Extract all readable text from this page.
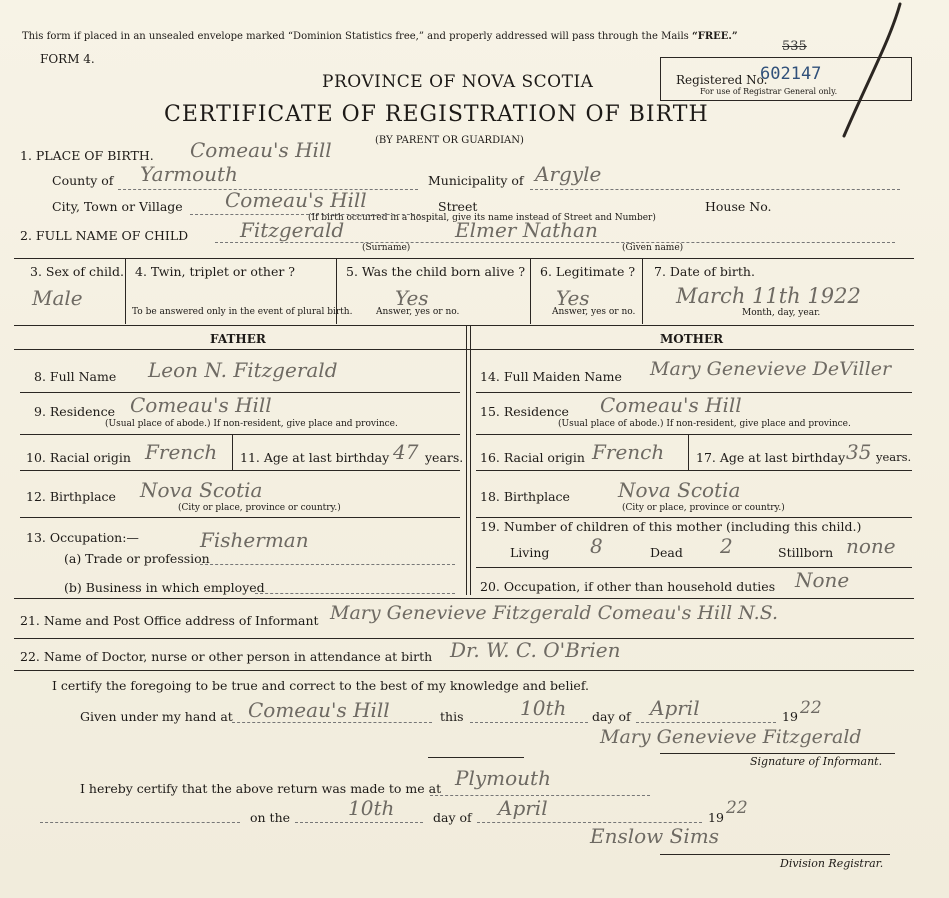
This form if placed in an unsealed envelope marked “Dominion Statistics free,” and properly addressed will pass through the Mails “FREE.”
FORM 4.
PROVINCE OF NOVA SCOTIA
CERTIFICATE OF REGISTRATION OF BIRTH
(BY PARENT OR GUARDIAN)
Registered No.
535
602147
For use of Registrar General only.
1. PLACE OF BIRTH. Comeau's Hill
County of Yarmouth	Municipality of Argyle
City, Town or Village Comeau's Hill	Street	House No.
(If birth occurred in a hospital, give its name instead of Street and Number)
2. FULL NAME OF CHILD	Fitzgerald	Elmer Nathan
(Surname)	(Given name)
3. Sex of child.
Male
4. Twin, triplet or other ?
To be answered only in the event of plural birth.
5. Was the child born alive ?
Yes
Answer, yes or no.
6. Legitimate ?
Yes
Answer, yes or no.
7. Date of birth.
March 11th 1922
Month, day, year.
FATHER	MOTHER
8. Full Name Leon N. Fitzgerald
9. Residence Comeau's Hill
(Usual place of abode.) If non-resident, give place and province.
10. Racial origin French 11. Age at last birthday 47 years.
12. Birthplace Nova Scotia
(City or place, province or country.)
13. Occupation:—	Fisherman
(a) Trade or profession
(b) Business in which employed
14. Full Maiden Name Mary Genevieve DeViller
15. Residence Comeau's Hill
(Usual place of abode.) If non-resident, give place and province.
16. Racial origin French	17. Age at last birthday 35 years.
18. Birthplace Nova Scotia
(City or place, province or country.)
19. Number of children of this mother (including this child.)
Living 8	Dead 2	Stillborn none
20. Occupation, if other than household duties None
21. Name and Post Office address of Informant Mary Genevieve Fitzgerald Comeau's Hill N.S.
22. Name of Doctor, nurse or other person in attendance at birth Dr. W. C. O'Brien
I certify the foregoing to be true and correct to the best of my knowledge and belief.
Given under my hand at Comeau's Hill	this	10th day of April	19 22
Mary Genevieve Fitzgerald
Signature of Informant.
I hereby certify that the above return was made to me at Plymouth
on the	10th	day of April	19 22
Enslow Sims
Division Registrar.
